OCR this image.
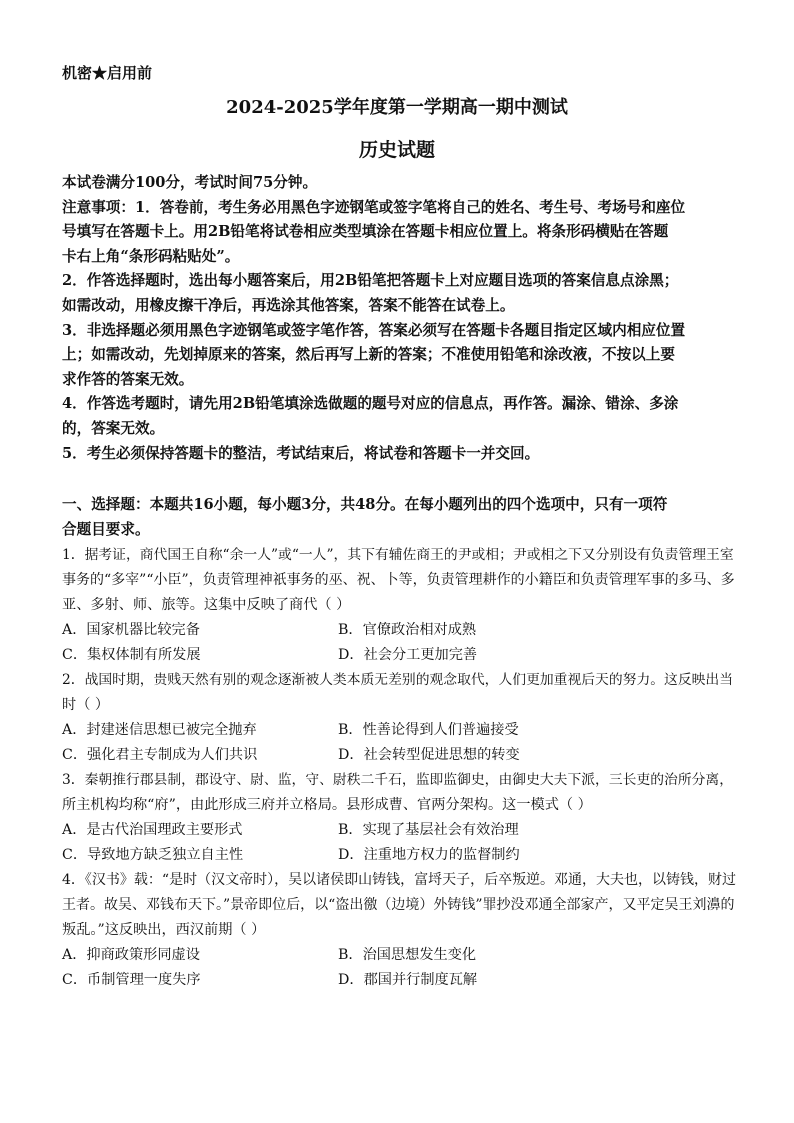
机密★启用前
2024-2025学年度第一学期高一期中测试
历史试题
本试卷满分100分，考试时间75分钟。
注意事项：1．答卷前，考生务必用黑色字迹钢笔或签字笔将自己的姓名、考生号、考场号和座位
号填写在答题卡上。用2B铅笔将试卷相应类型填涂在答题卡相应位置上。将条形码横贴在答题
卡右上角“条形码粘贴处”。
2．作答选择题时，选出每小题答案后，用2B铅笔把答题卡上对应题目选项的答案信息点涂黑；
如需改动，用橡皮擦干净后，再选涂其他答案，答案不能答在试卷上。
3．非选择题必须用黑色字迹钢笔或签字笔作答，答案必须写在答题卡各题目指定区域内相应位置
上；如需改动，先划掉原来的答案，然后再写上新的答案；不准使用铅笔和涂改液，不按以上要
求作答的答案无效。
4．作答选考题时，请先用2B铅笔填涂选做题的题号对应的信息点，再作答。漏涂、错涂、多涂
的，答案无效。
5．考生必须保持答题卡的整洁，考试结束后，将试卷和答题卡一并交回。
一、选择题：本题共16小题，每小题3分，共48分。在每小题列出的四个选项中，只有一项符
合题目要求。
1．据考证，商代国王自称“余一人”或“一人”，其下有辅佐商王的尹或相；尹或相之下又分别设有负责管理王室
事务的“多宰”“小臣”，负责管理神祇事务的巫、祝、卜等，负责管理耕作的小籍臣和负责管理军事的多马、多
亚、多射、师、旅等。这集中反映了商代（ ）
A．国家机器比较完备	B．官僚政治相对成熟
C．集权体制有所发展	D．社会分工更加完善
2．战国时期，贵贱天然有别的观念逐渐被人类本质无差别的观念取代，人们更加重视后天的努力。这反映出当
时（ ）
A．封建迷信思想已被完全抛弃	B．性善论得到人们普遍接受
C．强化君主专制成为人们共识	D．社会转型促进思想的转变
3．秦朝推行郡县制，郡设守、尉、监，守、尉秩二千石，监即监御史，由御史大夫下派，三长吏的治所分离，
所主机构均称“府”，由此形成三府并立格局。县形成曹、官两分架构。这一模式（ ）
A．是古代治国理政主要形式	B．实现了基层社会有效治理
C．导致地方缺乏独立自主性	D．注重地方权力的监督制约
4．《汉书》载：“是时（汉文帝时），吴以诸侯即山铸钱，富埒天子，后卒叛逆。邓通，大夫也，以铸钱，财过
王者。故吴、邓钱布天下。”景帝即位后，以“盗出徼（边境）外铸钱”罪抄没邓通全部家产，又平定吴王刘濞的
叛乱。”这反映出，西汉前期（ ）
A．抑商政策形同虚设	B．治国思想发生变化
C．币制管理一度失序	D．郡国并行制度瓦解
